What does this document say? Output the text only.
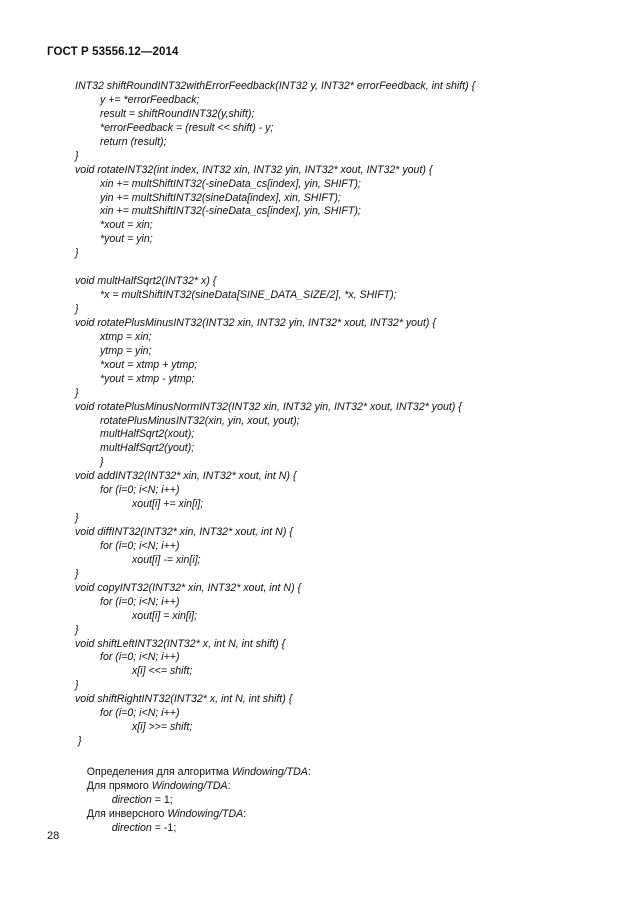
ГОСТ Р 53556.12—2014
INT32 shiftRoundINT32withErrorFeedback(INT32 y, INT32* errorFeedback, int shift) {
y += *errorFeedback;
result = shiftRoundINT32(y,shift);
*errorFeedback = (result << shift) - y;
return (result);
}
void rotateINT32(int index, INT32 xin, INT32 yin, INT32* xout, INT32* yout) {
xin += multShiftINT32(-sineData_cs[index], yin, SHIFT);
yin += multShiftINT32(sineData[index], xin, SHIFT);
xin += multShiftINT32(-sineData_cs[index], yin, SHIFT);
*xout = xin;
*yout = yin;
}
void multHalfSqrt2(INT32* x) {
*x = multShiftINT32(sineData[SINE_DATA_SIZE/2], *x, SHIFT);
}
void rotatePlusMinusINT32(INT32 xin, INT32 yin, INT32* xout, INT32* yout) {
xtmp = xin;
ytmp = yin;
*xout = xtmp + ytmp;
*yout = xtmp - ytmp;
}
void rotatePlusMinusNormINT32(INT32 xin, INT32 yin, INT32* xout, INT32* yout) {
rotatePlusMinusINT32(xin, yin, xout, yout);
multHalfSqrt2(xout);
multHalfSqrt2(yout);
}
void addINT32(INT32* xin, INT32* xout, int N) {
for (i=0; i<N; i++)
xout[i] += xin[i];
}
void diffINT32(INT32* xin, INT32* xout, int N) {
for (i=0; i<N; i++)
xout[i] -= xin[i];
}
void copyINT32(INT32* xin, INT32* xout, int N) {
for (i=0; i<N; i++)
xout[i] = xin[i];
}
void shiftLeftINT32(INT32* x, int N, int shift) {
for (i=0; i<N; i++)
x[i] <<= shift;
}
void shiftRightINT32(INT32* x, int N, int shift) {
for (i=0; i<N; i++)
x[i] >>= shift;
}

Определения для алгоритма Windowing/TDA:

Для прямого Windowing/TDA:

direction = 1;

Для инверсного Windowing/TDA:

direction = -1;

28
